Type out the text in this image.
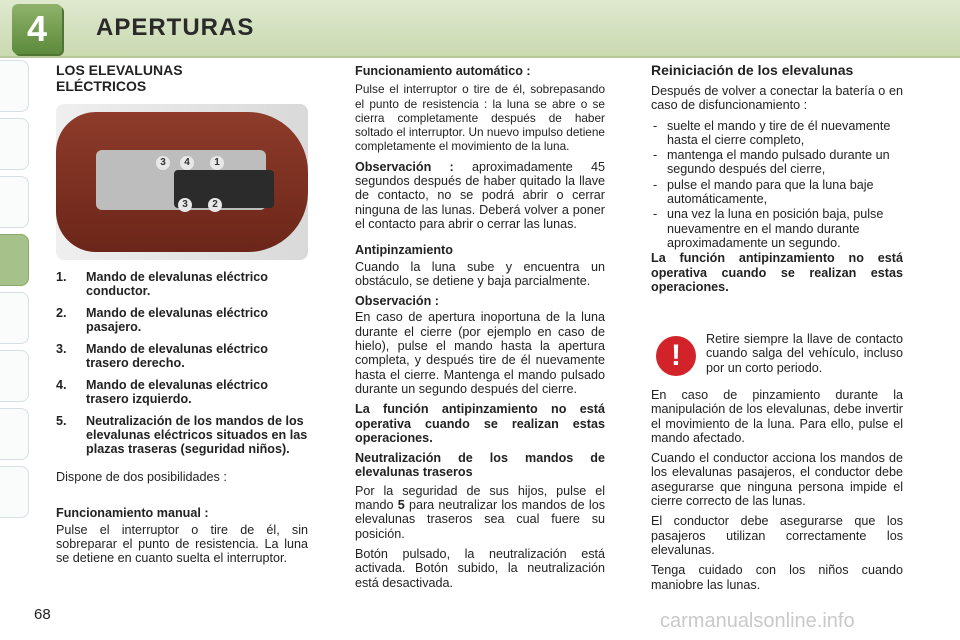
4	APERTURAS
LOS ELEVALUNAS ELÉCTRICOS
3	4	1
3	2
1. Mando de elevalunas eléctrico conductor.
2. Mando de elevalunas eléctrico pasajero.
3. Mando de elevalunas eléctrico trasero derecho.
4. Mando de elevalunas eléctrico trasero izquierdo.
5. Neutralización de los mandos de los elevalunas eléctricos situados en las plazas traseras (seguridad niños).

Dispone de dos posibilidades :

Funcionamiento manual :

Pulse el interruptor o tire de él, sin sobreparar el punto de resistencia. La luna se detiene en cuanto suelta el interruptor.

Funcionamiento automático :

Pulse el interruptor o tire de él, sobrepasando el punto de resistencia : la luna se abre o se cierra completamente después de haber soltado el interruptor. Un nuevo impulso detiene completamente el movimiento de la luna.

Observación : aproximadamente 45 segundos después de haber quitado la llave de contacto, no se podrá abrir o cerrar ninguna de las lunas. Deberá volver a poner el contacto para abrir o cerrar las lunas.

Antipinzamiento

Cuando la luna sube y encuentra un obstáculo, se detiene y baja parcialmente.

Observación :

En caso de apertura inoportuna de la luna durante el cierre (por ejemplo en caso de hielo), pulse el mando hasta la apertura completa, y después tire de él nuevamente hasta el cierre. Mantenga el mando pulsado durante un segundo después del cierre.

La función antipinzamiento no está operativa cuando se realizan estas operaciones.

Neutralización de los mandos de elevalunas traseros

Por la seguridad de sus hijos, pulse el mando 5 para neutralizar los mandos de los elevalunas traseros sea cual fuere su posición.

Botón pulsado, la neutralización está activada. Botón subido, la neutralización está desactivada.

Reiniciación de los elevalunas

Después de volver a conectar la batería o en caso de disfuncionamiento :

- suelte el mando y tire de él nuevamente hasta el cierre completo,
- mantenga el mando pulsado durante un segundo después del cierre,
- pulse el mando para que la luna baje automáticamente,
- una vez la luna en posición baja, pulse nuevamentre en el mando durante aproximadamente un segundo.

La función antipinzamiento no está operativa cuando se realizan estas operaciones.

!	Retire siempre la llave de contacto cuando salga del vehículo, incluso por un corto periodo.

En caso de pinzamiento durante la manipulación de los elevalunas, debe invertir el movimiento de la luna. Para ello, pulse el mando afectado.

Cuando el conductor acciona los mandos de los elevalunas pasajeros, el conductor debe asegurarse que ninguna persona impide el cierre correcto de las lunas.

El conductor debe asegurarse que los pasajeros utilizan correctamente los elevalunas.

Tenga cuidado con los niños cuando maniobre las lunas.

68	carmanualsonline.info
